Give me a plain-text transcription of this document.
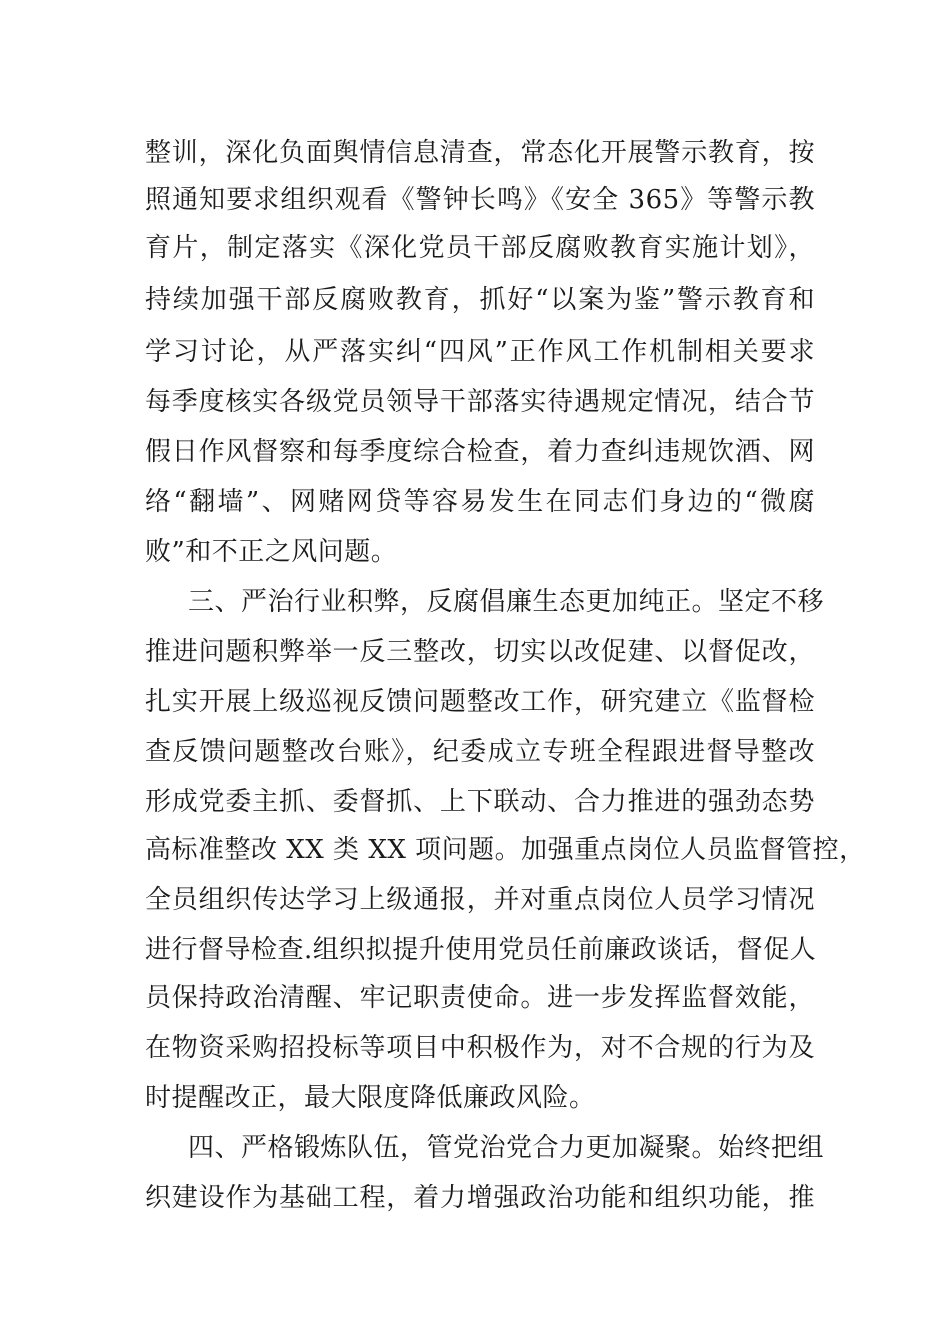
整训，深化负面舆情信息清查，常态化开展警示教育，按
照通知要求组织观看《警钟长鸣》《安全 365》等警示教
育片，制定落实《深化党员干部反腐败教育实施计划》，
持续加强干部反腐败教育，抓好“以案为鉴”警示教育和
学习讨论，从严落实纠“四风”正作风工作机制相关要求
每季度核实各级党员领导干部落实待遇规定情况，结合节
假日作风督察和每季度综合检查，着力查纠违规饮酒、网
络“翻墙”、网赌网贷等容易发生在同志们身边的“微腐
败”和不正之风问题。
三、严治行业积弊，反腐倡廉生态更加纯正。坚定不移
推进问题积弊举一反三整改，切实以改促建、以督促改，
扎实开展上级巡视反馈问题整改工作，研究建立《监督检
查反馈问题整改台账》，纪委成立专班全程跟进督导整改
形成党委主抓、委督抓、上下联动、合力推进的强劲态势
高标准整改 XX 类 XX 项问题。加强重点岗位人员监督管控，
全员组织传达学习上级通报，并对重点岗位人员学习情况
进行督导检查.组织拟提升使用党员任前廉政谈话，督促人
员保持政治清醒、牢记职责使命。进一步发挥监督效能，
在物资采购招投标等项目中积极作为，对不合规的行为及
时提醒改正，最大限度降低廉政风险。
四、严格锻炼队伍，管党治党合力更加凝聚。始终把组
织建设作为基础工程，着力增强政治功能和组织功能，推
